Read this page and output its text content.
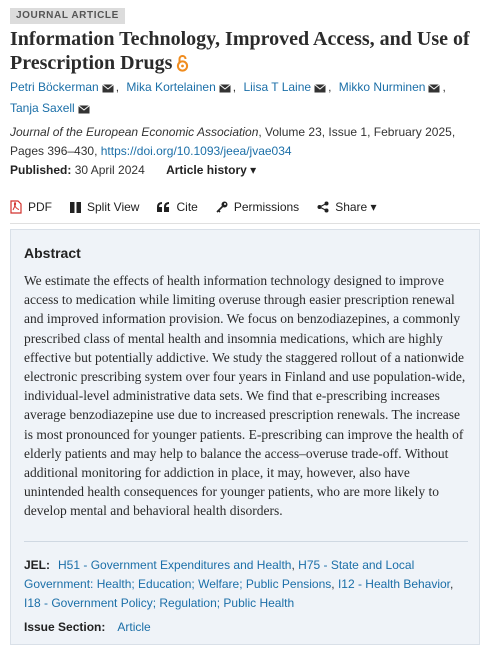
JOURNAL ARTICLE
Information Technology, Improved Access, and Use of Prescription Drugs
Petri Böckerman , Mika Kortelainen , Liisa T Laine , Mikko Nurminen ,
Tanja Saxell
Journal of the European Economic Association, Volume 23, Issue 1, February 2025, Pages 396–430, https://doi.org/10.1093/jeea/jvae034
Published: 30 April 2024 Article history ▾
PDF	Split View	Cite	Permissions	Share ▾
Abstract

We estimate the effects of health information technology designed to improve access to medication while limiting overuse through easier prescription renewal and improved information provision. We focus on benzodiazepines, a commonly prescribed class of mental health and insomnia medications, which are highly effective but potentially addictive. We study the staggered rollout of a nationwide electronic prescribing system over four years in Finland and use population-wide, individual-level administrative data sets. We find that e-prescribing increases average benzodiazepine use due to increased prescription renewals. The increase is most pronounced for younger patients. E-prescribing can improve the health of elderly patients and may help to balance the access–overuse trade-off. Without additional monitoring for addiction in place, it may, however, also have unintended health consequences for younger patients, who are more likely to develop mental and behavioral health disorders.

JEL: H51 - Government Expenditures and Health, H75 - State and Local Government: Health; Education; Welfare; Public Pensions, I12 - Health Behavior, I18 - Government Policy; Regulation; Public Health
Issue Section: Article
